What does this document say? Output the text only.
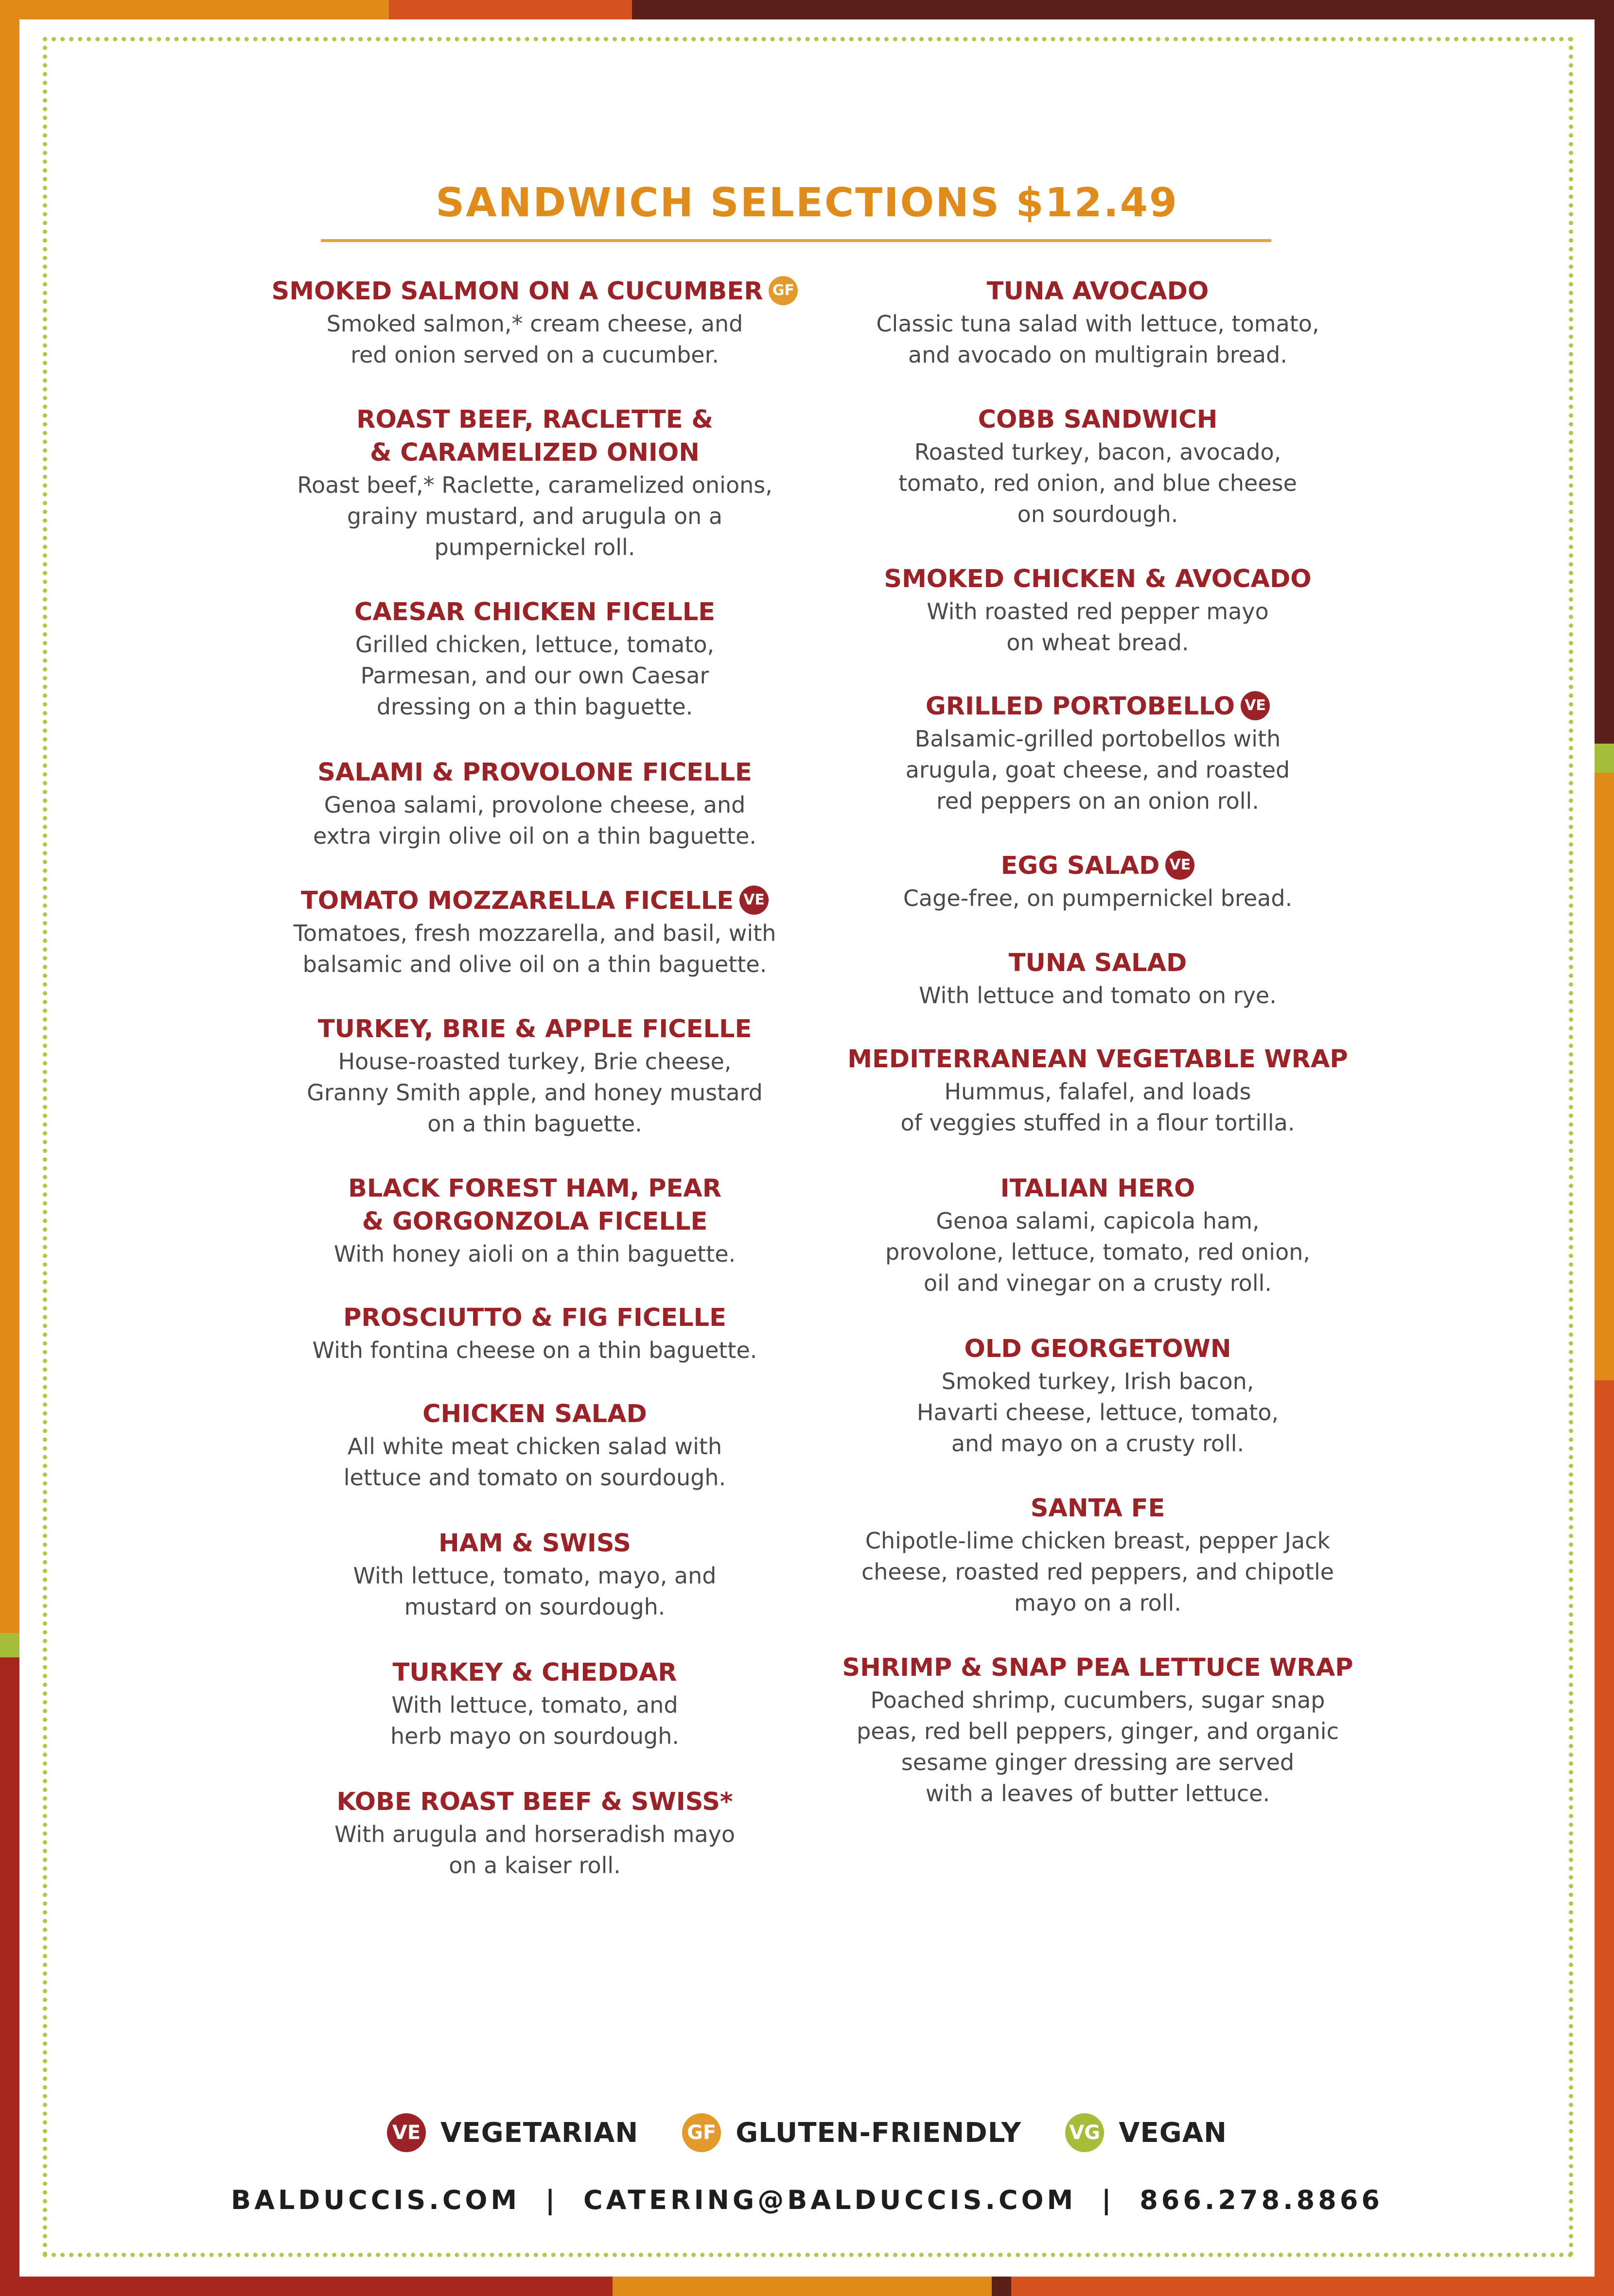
SANDWICH SELECTIONS $12.49
SMOKED SALMON ON A CUCUMBER GF
Smoked salmon,* cream cheese, and
red onion served on a cucumber.
ROAST BEEF, RACLETTE &
& CARAMELIZED ONION
Roast beef,* Raclette, caramelized onions,
grainy mustard, and arugula on a
pumpernickel roll.
CAESAR CHICKEN FICELLE
Grilled chicken, lettuce, tomato,
Parmesan, and our own Caesar
dressing on a thin baguette.
SALAMI & PROVOLONE FICELLE
Genoa salami, provolone cheese, and
extra virgin olive oil on a thin baguette.
TOMATO MOZZARELLA FICELLE VE
Tomatoes, fresh mozzarella, and basil, with
balsamic and olive oil on a thin baguette.
TURKEY, BRIE & APPLE FICELLE
House-roasted turkey, Brie cheese,
Granny Smith apple, and honey mustard
on a thin baguette.
BLACK FOREST HAM, PEAR
& GORGONZOLA FICELLE
With honey aioli on a thin baguette.
PROSCIUTTO & FIG FICELLE
With fontina cheese on a thin baguette.
CHICKEN SALAD
All white meat chicken salad with
lettuce and tomato on sourdough.
HAM & SWISS
With lettuce, tomato, mayo, and
mustard on sourdough.
TURKEY & CHEDDAR
With lettuce, tomato, and
herb mayo on sourdough.
KOBE ROAST BEEF & SWISS*
With arugula and horseradish mayo
on a kaiser roll.
TUNA AVOCADO
Classic tuna salad with lettuce, tomato,
and avocado on multigrain bread.
COBB SANDWICH
Roasted turkey, bacon, avocado,
tomato, red onion, and blue cheese
on sourdough.
SMOKED CHICKEN & AVOCADO
With roasted red pepper mayo
on wheat bread.
GRILLED PORTOBELLO VE
Balsamic-grilled portobellos with
arugula, goat cheese, and roasted
red peppers on an onion roll.
EGG SALAD VE
Cage-free, on pumpernickel bread.
TUNA SALAD
With lettuce and tomato on rye.
MEDITERRANEAN VEGETABLE WRAP
Hummus, falafel, and loads
of veggies stuffed in a flour tortilla.
ITALIAN HERO
Genoa salami, capicola ham,
provolone, lettuce, tomato, red onion,
oil and vinegar on a crusty roll.
OLD GEORGETOWN
Smoked turkey, Irish bacon,
Havarti cheese, lettuce, tomato,
and mayo on a crusty roll.
SANTA FE
Chipotle-lime chicken breast, pepper Jack
cheese, roasted red peppers, and chipotle
mayo on a roll.
SHRIMP & SNAP PEA LETTUCE WRAP
Poached shrimp, cucumbers, sugar snap
peas, red bell peppers, ginger, and organic
sesame ginger dressing are served
with a leaves of butter lettuce.
VE VEGETARIAN GF GLUTEN-FRIENDLY VG VEGAN
BALDUCCIS.COM | CATERING@BALDUCCIS.COM | 866.278.8866
